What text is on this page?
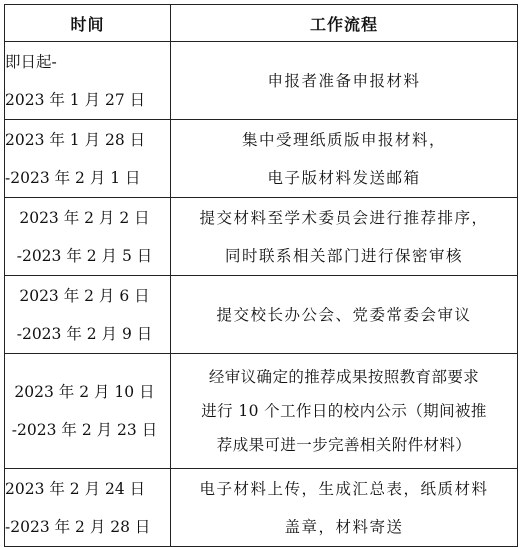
时间	工作流程

即日起-
2023 年 1 月 27 日	申报者准备申报材料

2023 年 1 月 28 日
-2023 年 2 月 1 日	集中受理纸质版申报材料，
电子版材料发送邮箱

2023 年 2 月 2 日
-2023 年 2 月 5 日	提交材料至学术委员会进行推荐排序，
同时联系相关部门进行保密审核

2023 年 2 月 6 日
-2023 年 2 月 9 日	提交校长办公会、党委常委会审议

2023 年 2 月 10 日
-2023 年 2 月 23 日	经审议确定的推荐成果按照教育部要求
进行 10 个工作日的校内公示（期间被推
荐成果可进一步完善相关附件材料）

2023 年 2 月 24 日
-2023 年 2 月 28 日	电子材料上传，生成汇总表，纸质材料
盖章，材料寄送
